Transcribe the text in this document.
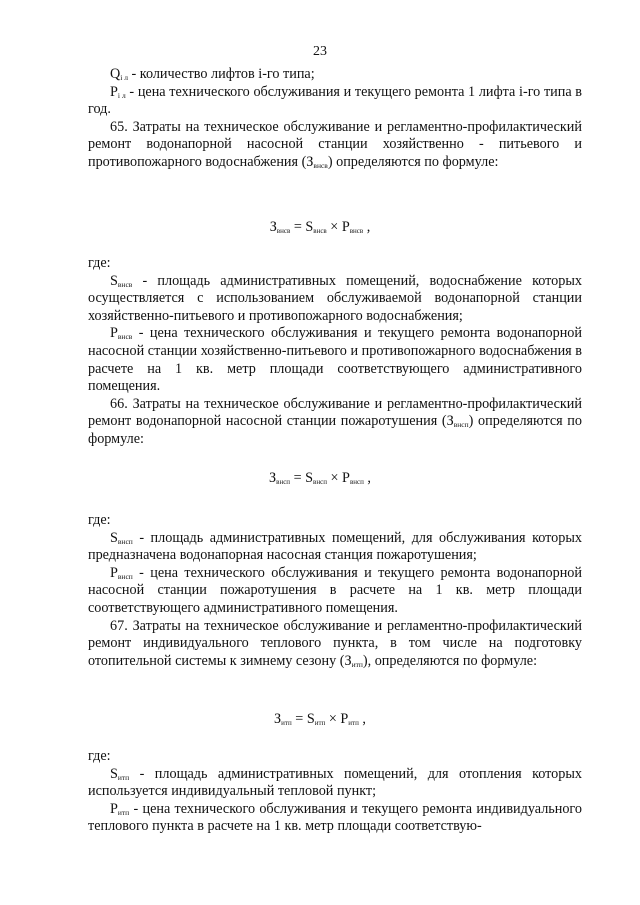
23

$Q_{i л}$ - количество лифтов i-го типа;

$P_{i л}$ - цена технического обслуживания и текущего ремонта 1 лифта i-го типа в год.

65. Затраты на техническое обслуживание и регламентно-профилактический ремонт водонапорной насосной станции хозяйственно - питьевого и противопожарного водоснабжения $(З_{внсв})$ определяются по формуле:

$З_{внсв} = S_{внсв} \times P_{внсв}$ ,

где:

$S_{внсв}$ - площадь административных помещений, водоснабжение которых осуществляется с использованием обслуживаемой водонапорной станции хозяйственно-питьевого и противопожарного водоснабжения;

$P_{внсв}$ - цена технического обслуживания и текущего ремонта водонапорной насосной станции хозяйственно-питьевого и противопожарного водоснабжения в расчете на 1 кв. метр площади соответствующего административного помещения.

66. Затраты на техническое обслуживание и регламентно-профилактический ремонт водонапорной насосной станции пожаротушения $(З_{внсп})$ определяются по формуле:

$З_{внсп} = S_{внсп} \times P_{внсп}$ ,

где:

$S_{внсп}$ - площадь административных помещений, для обслуживания которых предназначена водонапорная насосная станция пожаротушения;

$P_{внсп}$ - цена технического обслуживания и текущего ремонта водонапорной насосной станции пожаротушения в расчете на 1 кв. метр площади соответствующего административного помещения.

67. Затраты на техническое обслуживание и регламентно-профилактический ремонт индивидуального теплового пункта, в том числе на подготовку отопительной системы к зимнему сезону $(З_{итп})$, определяются по формуле:

$З_{итп} = S_{итп} \times P_{итп}$ ,

где:

$S_{итп}$ - площадь административных помещений, для отопления которых используется индивидуальный тепловой пункт;

$P_{итп}$ - цена технического обслуживания и текущего ремонта индивидуального теплового пункта в расчете на 1 кв. метр площади соответствую-
